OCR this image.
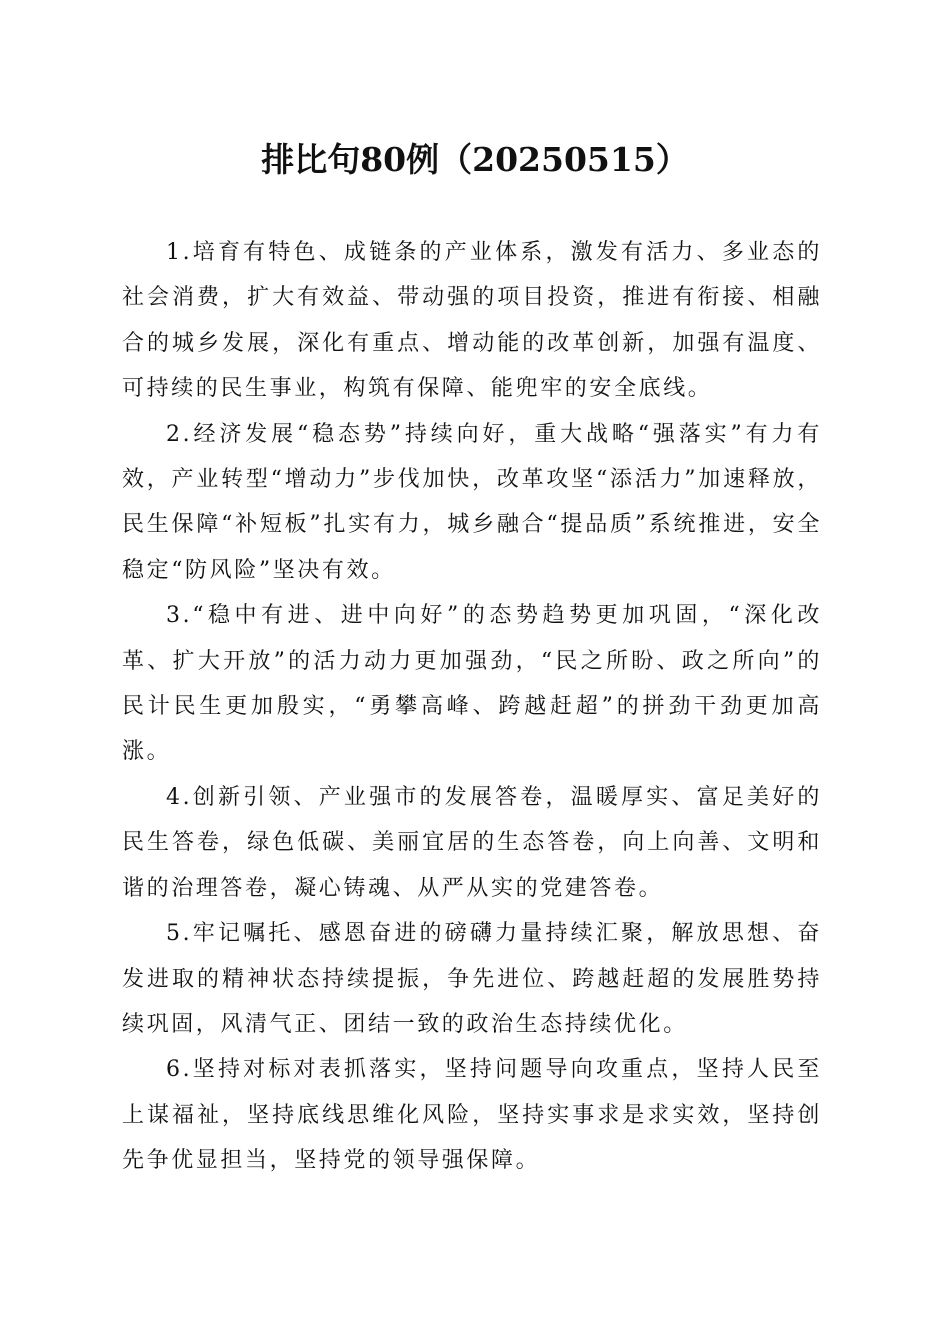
排比句80例（20250515）

1.培育有特色、成链条的产业体系，激发有活力、多业态的社会消费，扩大有效益、带动强的项目投资，推进有衔接、相融合的城乡发展，深化有重点、增动能的改革创新，加强有温度、可持续的民生事业，构筑有保障、能兜牢的安全底线。

2.经济发展“稳态势”持续向好，重大战略“强落实”有力有效，产业转型“增动力”步伐加快，改革攻坚“添活力”加速释放，民生保障“补短板”扎实有力，城乡融合“提品质”系统推进，安全稳定“防风险”坚决有效。

3.“稳中有进、进中向好”的态势趋势更加巩固，“深化改革、扩大开放”的活力动力更加强劲，“民之所盼、政之所向”的民计民生更加殷实，“勇攀高峰、跨越赶超”的拼劲干劲更加高涨。

4.创新引领、产业强市的发展答卷，温暖厚实、富足美好的民生答卷，绿色低碳、美丽宜居的生态答卷，向上向善、文明和谐的治理答卷，凝心铸魂、从严从实的党建答卷。

5.牢记嘱托、感恩奋进的磅礴力量持续汇聚，解放思想、奋发进取的精神状态持续提振，争先进位、跨越赶超的发展胜势持续巩固，风清气正、团结一致的政治生态持续优化。

6.坚持对标对表抓落实，坚持问题导向攻重点，坚持人民至上谋福祉，坚持底线思维化风险，坚持实事求是求实效，坚持创先争优显担当，坚持党的领导强保障。
